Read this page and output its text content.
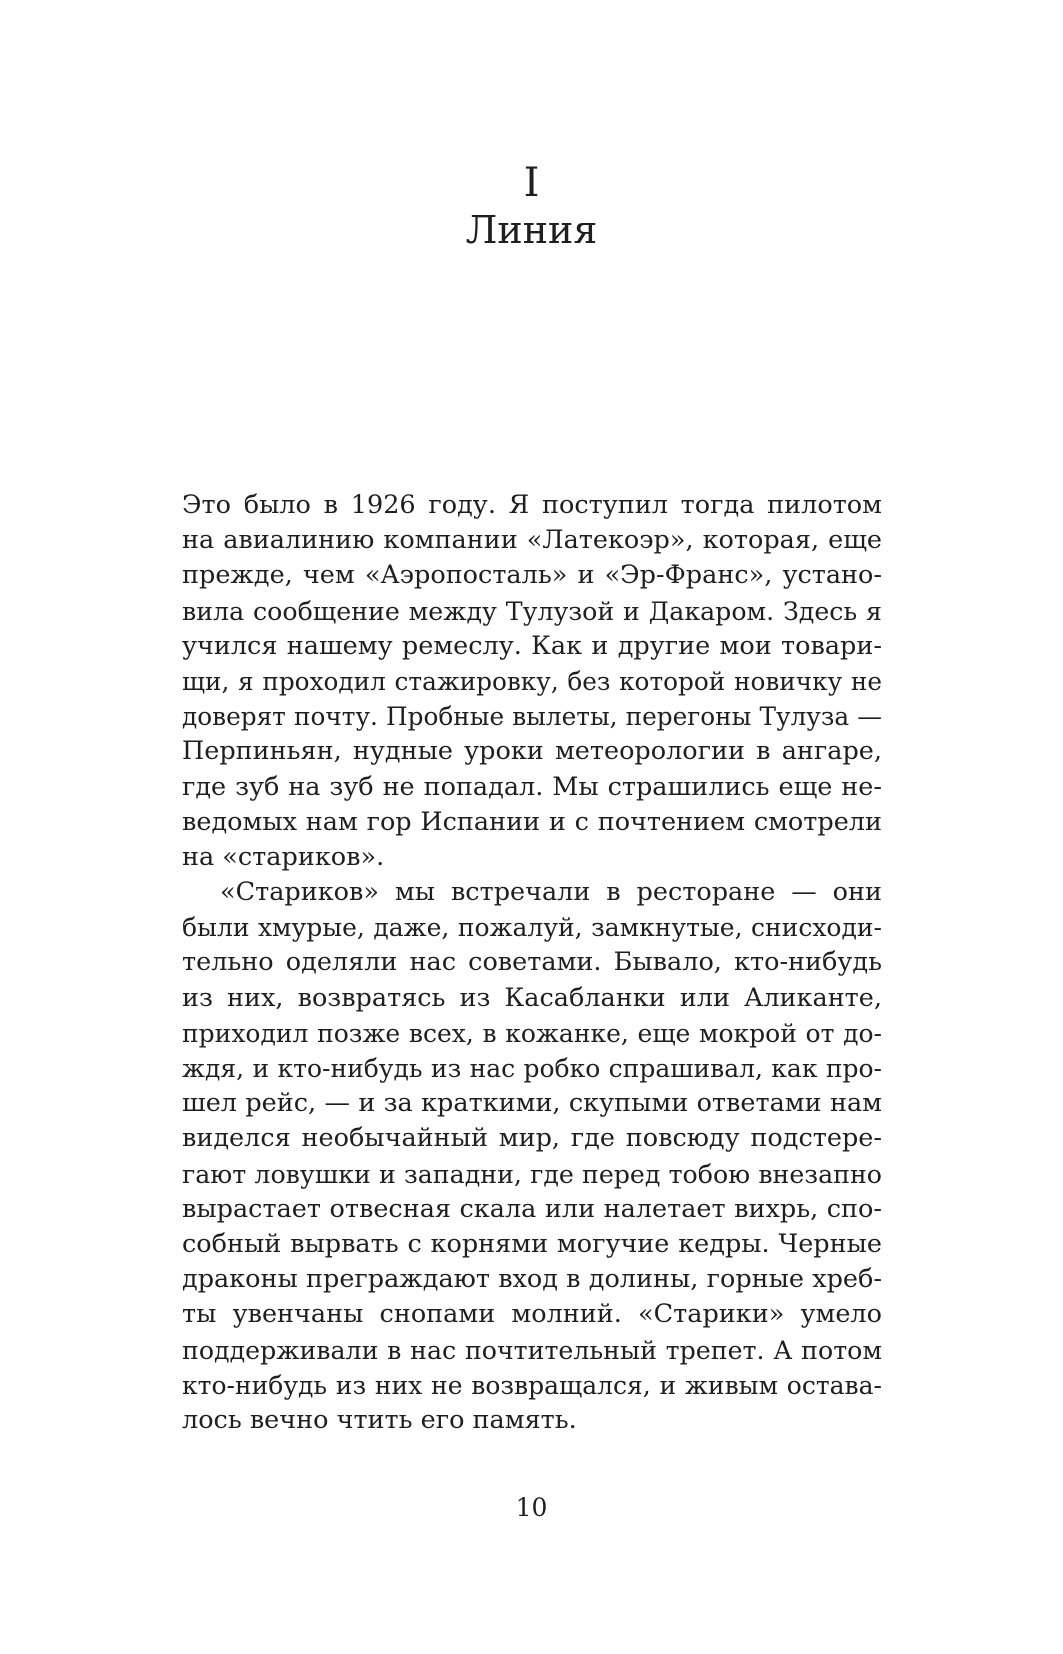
I
Линия
Это было в 1926 году. Я поступил тогда пилотом
на авиалинию компании «Латекоэр», которая, еще
прежде, чем «Аэропосталь» и «Эр-Франс», устано-
вила сообщение между Тулузой и Дакаром. Здесь я
учился нашему ремеслу. Как и другие мои товари-
щи, я проходил стажировку, без которой новичку не
доверят почту. Пробные вылеты, перегоны Тулуза —
Перпиньян, нудные уроки метеорологии в ангаре,
где зуб на зуб не попадал. Мы страшились еще не-
ведомых нам гор Испании и с почтением смотрели
на «стариков».
«Стариков» мы встречали в ресторане — они
были хмурые, даже, пожалуй, замкнутые, снисходи-
тельно оделяли нас советами. Бывало, кто-нибудь
из них, возвратясь из Касабланки или Аликанте,
приходил позже всех, в кожанке, еще мокрой от до-
ждя, и кто-нибудь из нас робко спрашивал, как про-
шел рейс, — и за краткими, скупыми ответами нам
виделся необычайный мир, где повсюду подстере-
гают ловушки и западни, где перед тобою внезапно
вырастает отвесная скала или налетает вихрь, спо-
собный вырвать с корнями могучие кедры. Черные
драконы преграждают вход в долины, горные хреб-
ты увенчаны снопами молний. «Старики» умело
поддерживали в нас почтительный трепет. А потом
кто-нибудь из них не возвращался, и живым остава-
лось вечно чтить его память.
10
